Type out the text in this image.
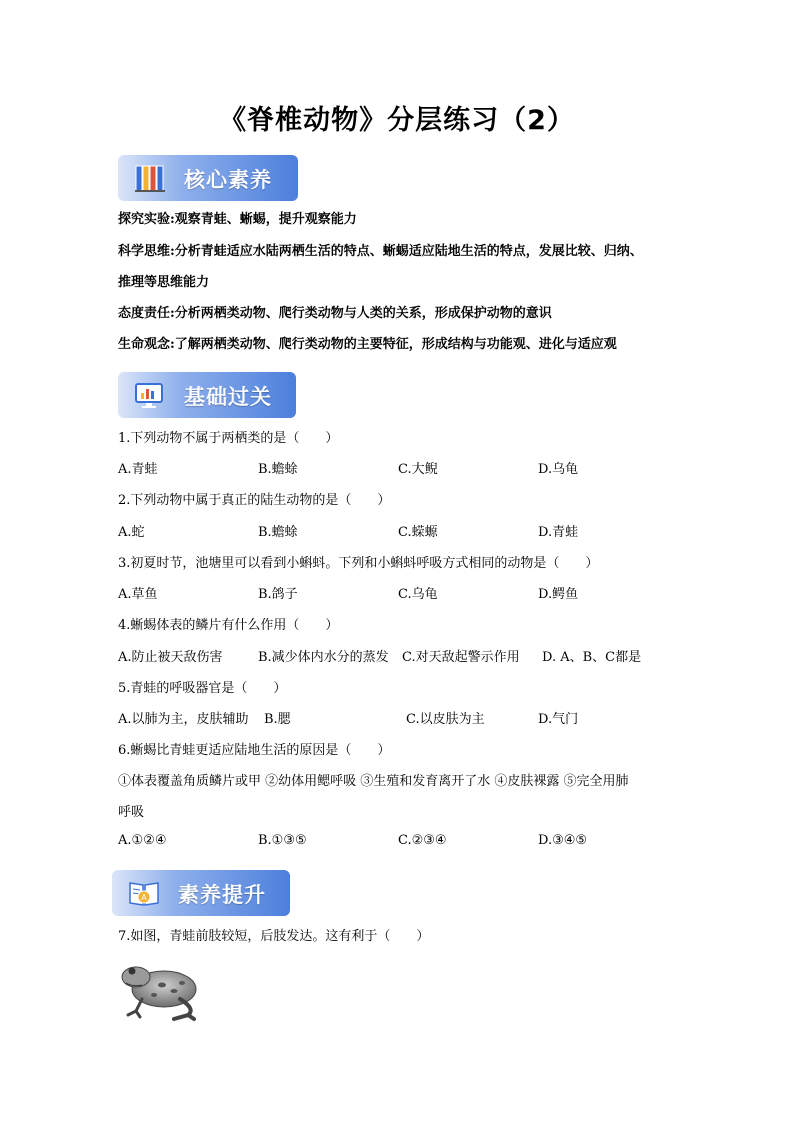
《脊椎动物》分层练习（2）
核心素养
探究实验:观察青蛙、蜥蜴，提升观察能力
科学思维:分析青蛙适应水陆两栖生活的特点、蜥蜴适应陆地生活的特点，发展比较、归纳、
推理等思维能力
态度责任:分析两栖类动物、爬行类动物与人类的关系，形成保护动物的意识
生命观念:了解两栖类动物、爬行类动物的主要特征，形成结构与功能观、进化与适应观
基础过关
1.下列动物不属于两栖类的是（　　）
A.青蛙	B.蟾蜍	C.大鲵	D.乌龟
2.下列动物中属于真正的陆生动物的是（　　）
A.蛇	B.蟾蜍	C.蝾螈	D.青蛙
3.初夏时节，池塘里可以看到小蝌蚪。下列和小蝌蚪呼吸方式相同的动物是（　　）
A.草鱼	B.鸽子	C.乌龟	D.鳄鱼
4.蜥蜴体表的鳞片有什么作用（　　）
A.防止被天敌伤害	B.减少体内水分的蒸发 C.对天敌起警示作用 D. A、B、C都是
5.青蛙的呼吸器官是（　　）
A.以肺为主，皮肤辅助 B.腮	C.以皮肤为主	D.气门
6.蜥蜴比青蛙更适应陆地生活的原因是（　　）
①体表覆盖角质鳞片或甲 ②幼体用鳃呼吸 ③生殖和发育离开了水 ④皮肤裸露 ⑤完全用肺
呼吸
A.①②④	B.①③⑤	C.②③④	D.③④⑤
A 素养提升
7.如图，青蛙前肢较短，后肢发达。这有利于（　　）
